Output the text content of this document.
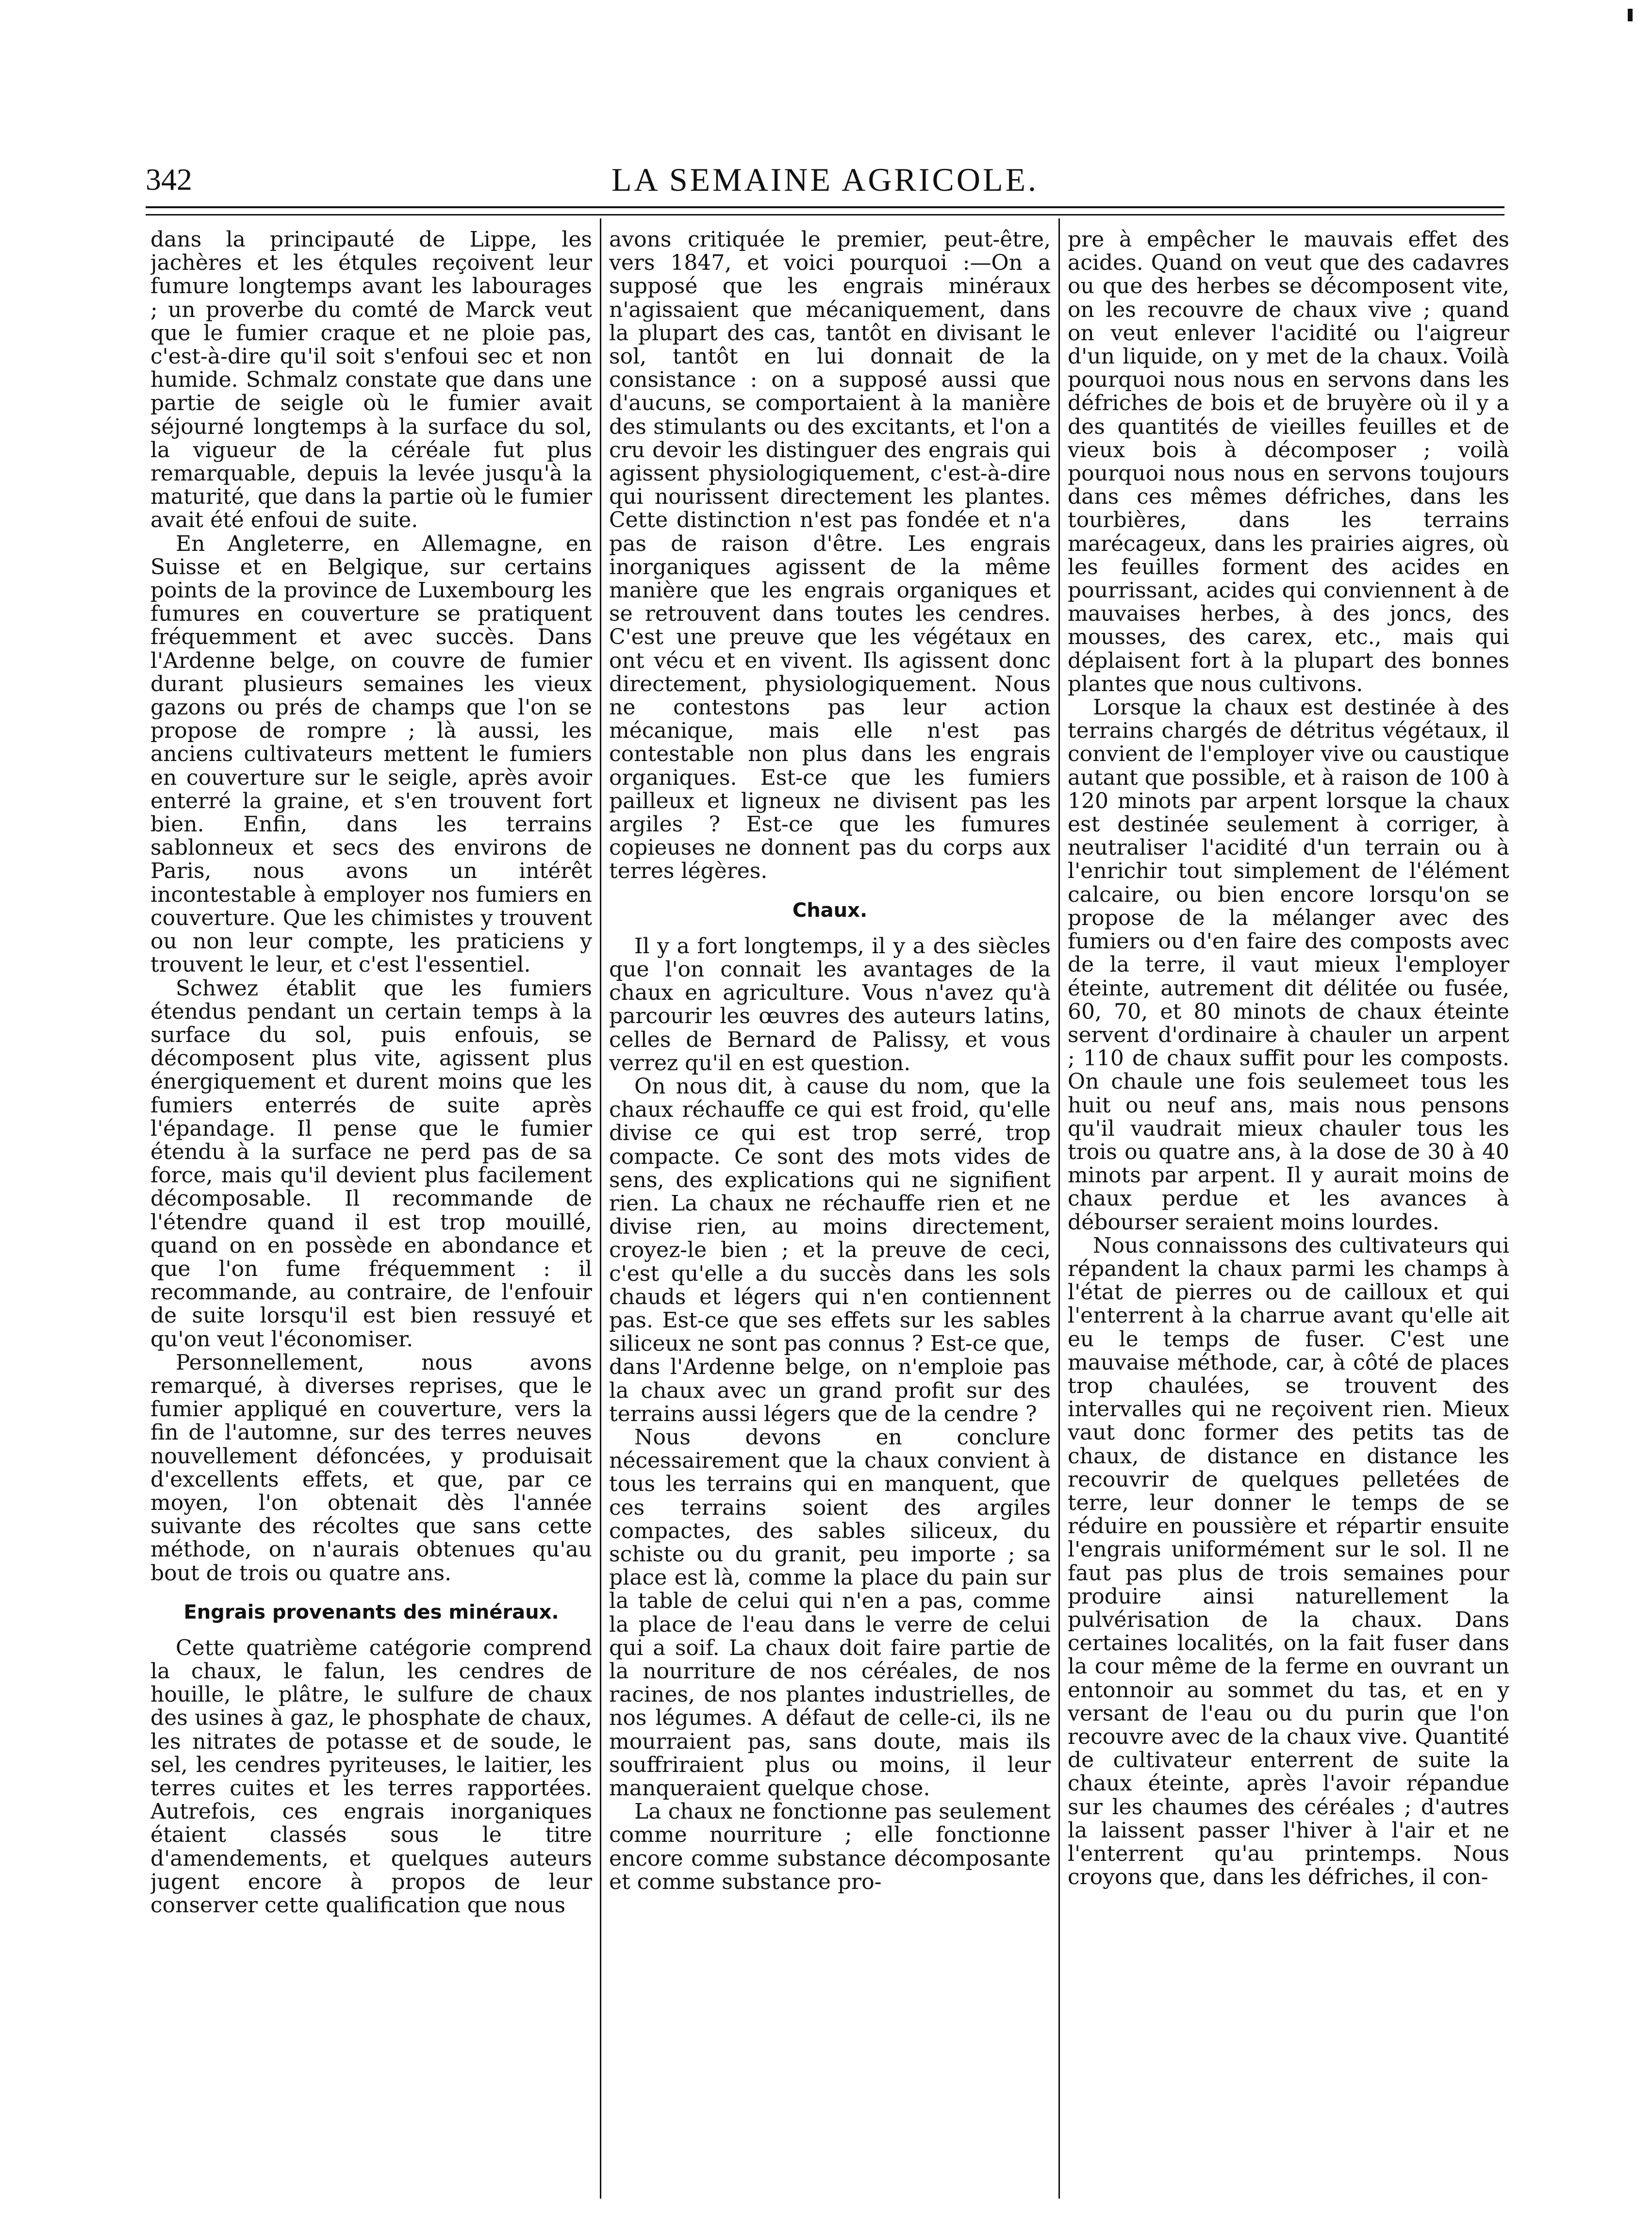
342	LA SEMAINE AGRICOLE.

dans la principauté de Lippe, les jachères et les étqules reçoivent leur fumure longtemps avant les labourages ; un proverbe du comté de Marck veut que le fumier craque et ne ploie pas, c'est-à-dire qu'il soit s'enfoui sec et non humide. Schmalz constate que dans une partie de seigle où le fumier avait séjourné longtemps à la surface du sol, la vigueur de la céréale fut plus remarquable, depuis la levée jusqu'à la maturité, que dans la partie où le fumier avait été enfoui de suite.

En Angleterre, en Allemagne, en Suisse et en Belgique, sur certains points de la province de Luxembourg les fumures en couverture se pratiquent fréquemment et avec succès. Dans l'Ardenne belge, on couvre de fumier durant plusieurs semaines les vieux gazons ou prés de champs que l'on se propose de rompre ; là aussi, les anciens cultivateurs mettent le fumiers en couverture sur le seigle, après avoir enterré la graine, et s'en trouvent fort bien. Enfin, dans les terrains sablonneux et secs des environs de Paris, nous avons un intérêt incontestable à employer nos fumiers en couverture. Que les chimistes y trouvent ou non leur compte, les praticiens y trouvent le leur, et c'est l'essentiel.

Schwez établit que les fumiers étendus pendant un certain temps à la surface du sol, puis enfouis, se décomposent plus vite, agissent plus énergiquement et durent moins que les fumiers enterrés de suite après l'épandage. Il pense que le fumier étendu à la surface ne perd pas de sa force, mais qu'il devient plus facilement décomposable. Il recommande de l'étendre quand il est trop mouillé, quand on en possède en abondance et que l'on fume fréquemment : il recommande, au contraire, de l'enfouir de suite lorsqu'il est bien ressuyé et qu'on veut l'économiser.

Personnellement, nous avons remarqué, à diverses reprises, que le fumier appliqué en couverture, vers la fin de l'automne, sur des terres neuves nouvellement défoncées, y produisait d'excellents effets, et que, par ce moyen, l'on obtenait dès l'année suivante des récoltes que sans cette méthode, on n'aurais obtenues qu'au bout de trois ou quatre ans.

Engrais provenants des minéraux.

Cette quatrième catégorie comprend la chaux, le falun, les cendres de houille, le plâtre, le sulfure de chaux des usines à gaz, le phosphate de chaux, les nitrates de potasse et de soude, le sel, les cendres pyriteuses, le laitier, les terres cuites et les terres rapportées. Autrefois, ces engrais inorganiques étaient classés sous le titre d'amendements, et quelques auteurs jugent encore à propos de leur conserver cette qualification que nous

avons critiquée le premier, peut-être, vers 1847, et voici pourquoi :—On a supposé que les engrais minéraux n'agissaient que mécaniquement, dans la plupart des cas, tantôt en divisant le sol, tantôt en lui donnait de la consistance : on a supposé aussi que d'aucuns, se comportaient à la manière des stimulants ou des excitants, et l'on a cru devoir les distinguer des engrais qui agissent physiologiquement, c'est-à-dire qui nourissent directement les plantes. Cette distinction n'est pas fondée et n'a pas de raison d'être. Les engrais inorganiques agissent de la même manière que les engrais organiques et se retrouvent dans toutes les cendres. C'est une preuve que les végétaux en ont vécu et en vivent. Ils agissent donc directement, physiologiquement. Nous ne contestons pas leur action mécanique, mais elle n'est pas contestable non plus dans les engrais organiques. Est-ce que les fumiers pailleux et ligneux ne divisent pas les argiles ? Est-ce que les fumures copieuses ne donnent pas du corps aux terres légères.

Chaux.

Il y a fort longtemps, il y a des siècles que l'on connait les avantages de la chaux en agriculture. Vous n'avez qu'à parcourir les œuvres des auteurs latins, celles de Bernard de Palissy, et vous verrez qu'il en est question.

On nous dit, à cause du nom, que la chaux réchauffe ce qui est froid, qu'elle divise ce qui est trop serré, trop compacte. Ce sont des mots vides de sens, des explications qui ne signifient rien. La chaux ne réchauffe rien et ne divise rien, au moins directement, croyez-le bien ; et la preuve de ceci, c'est qu'elle a du succès dans les sols chauds et légers qui n'en contiennent pas. Est-ce que ses effets sur les sables siliceux ne sont pas connus ? Est-ce que, dans l'Ardenne belge, on n'emploie pas la chaux avec un grand profit sur des terrains aussi légers que de la cendre ?

Nous devons en conclure nécessairement que la chaux convient à tous les terrains qui en manquent, que ces terrains soient des argiles compactes, des sables siliceux, du schiste ou du granit, peu importe ; sa place est là, comme la place du pain sur la table de celui qui n'en a pas, comme la place de l'eau dans le verre de celui qui a soif. La chaux doit faire partie de la nourriture de nos céréales, de nos racines, de nos plantes industrielles, de nos légumes. A défaut de celle-ci, ils ne mourraient pas, sans doute, mais ils souffriraient plus ou moins, il leur manqueraient quelque chose.

La chaux ne fonctionne pas seulement comme nourriture ; elle fonctionne encore comme substance décomposante et comme substance pro-

pre à empêcher le mauvais effet des acides. Quand on veut que des cadavres ou que des herbes se décomposent vite, on les recouvre de chaux vive ; quand on veut enlever l'acidité ou l'aigreur d'un liquide, on y met de la chaux. Voilà pourquoi nous nous en servons dans les défriches de bois et de bruyère où il y a des quantités de vieilles feuilles et de vieux bois à décomposer ; voilà pourquoi nous nous en servons toujours dans ces mêmes défriches, dans les tourbières, dans les terrains marécageux, dans les prairies aigres, où les feuilles forment des acides en pourrissant, acides qui conviennent à de mauvaises herbes, à des joncs, des mousses, des carex, etc., mais qui déplaisent fort à la plupart des bonnes plantes que nous cultivons.

Lorsque la chaux est destinée à des terrains chargés de détritus végétaux, il convient de l'employer vive ou caustique autant que possible, et à raison de 100 à 120 minots par arpent lorsque la chaux est destinée seulement à corriger, à neutraliser l'acidité d'un terrain ou à l'enrichir tout simplement de l'élément calcaire, ou bien encore lorsqu'on se propose de la mélanger avec des fumiers ou d'en faire des composts avec de la terre, il vaut mieux l'employer éteinte, autrement dit délitée ou fusée, 60, 70, et 80 minots de chaux éteinte servent d'ordinaire à chauler un arpent ; 110 de chaux suffit pour les composts. On chaule une fois seulemeet tous les huit ou neuf ans, mais nous pensons qu'il vaudrait mieux chauler tous les trois ou quatre ans, à la dose de 30 à 40 minots par arpent. Il y aurait moins de chaux perdue et les avances à débourser seraient moins lourdes.

Nous connaissons des cultivateurs qui répandent la chaux parmi les champs à l'état de pierres ou de cailloux et qui l'enterrent à la charrue avant qu'elle ait eu le temps de fuser. C'est une mauvaise méthode, car, à côté de places trop chaulées, se trouvent des intervalles qui ne reçoivent rien. Mieux vaut donc former des petits tas de chaux, de distance en distance les recouvrir de quelques pelletées de terre, leur donner le temps de se réduire en poussière et répartir ensuite l'engrais uniformément sur le sol. Il ne faut pas plus de trois semaines pour produire ainsi naturellement la pulvérisation de la chaux. Dans certaines localités, on la fait fuser dans la cour même de la ferme en ouvrant un entonnoir au sommet du tas, et en y versant de l'eau ou du purin que l'on recouvre avec de la chaux vive. Quantité de cultivateur enterrent de suite la chaux éteinte, après l'avoir répandue sur les chaumes des céréales ; d'autres la laissent passer l'hiver à l'air et ne l'enterrent qu'au printemps. Nous croyons que, dans les défriches, il con-
